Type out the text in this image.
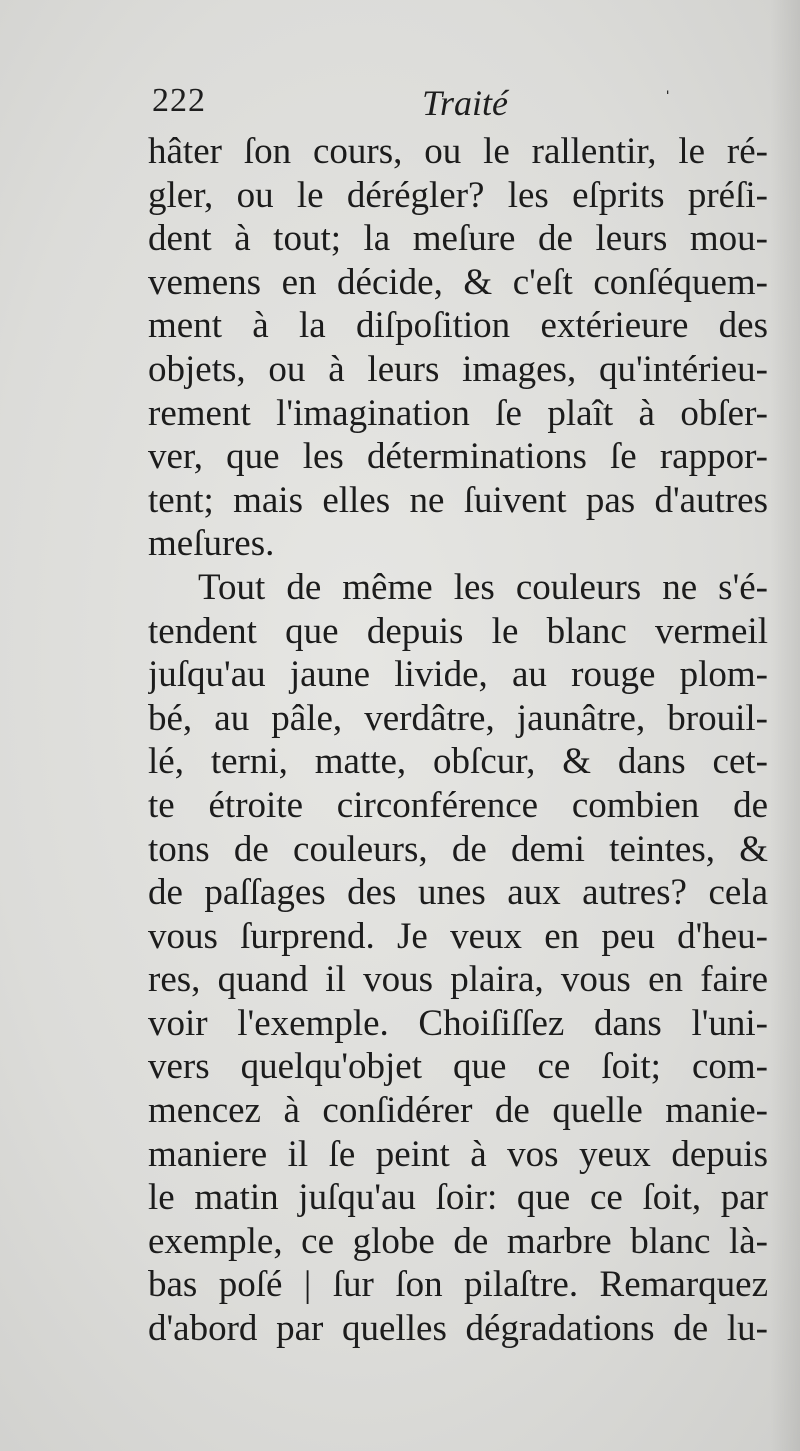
222	Traité	ˈ
hâter ſon cours, ou le rallentir, le ré-
gler, ou le dérégler? les eſprits préſi-
dent à tout; la meſure de leurs mou-
vemens en décide, & c'eſt conſéquem-
ment à la diſpoſition extérieure des
objets, ou à leurs images, qu'intérieu-
rement l'imagination ſe plaît à obſer-
ver, que les déterminations ſe rappor-
tent; mais elles ne ſuivent pas d'autres
meſures.
Tout de même les couleurs ne s'é-
tendent que depuis le blanc vermeil
juſqu'au jaune livide, au rouge plom-
bé, au pâle, verdâtre, jaunâtre, brouil-
lé, terni, matte, obſcur, & dans cet-
te étroite circonférence combien de
tons de couleurs, de demi teintes, &
de paſſages des unes aux autres? cela
vous ſurprend. Je veux en peu d'heu-
res, quand il vous plaira, vous en faire
voir l'exemple. Choiſiſſez dans l'uni-
vers quelqu'objet que ce ſoit; com-
mencez à conſidérer de quelle manie-
maniere il ſe peint à vos yeux depuis
le matin juſqu'au ſoir: que ce ſoit, par
exemple, ce globe de marbre blanc là-
bas poſé | ſur ſon pilaſtre. Remarquez
d'abord par quelles dégradations de lu-
